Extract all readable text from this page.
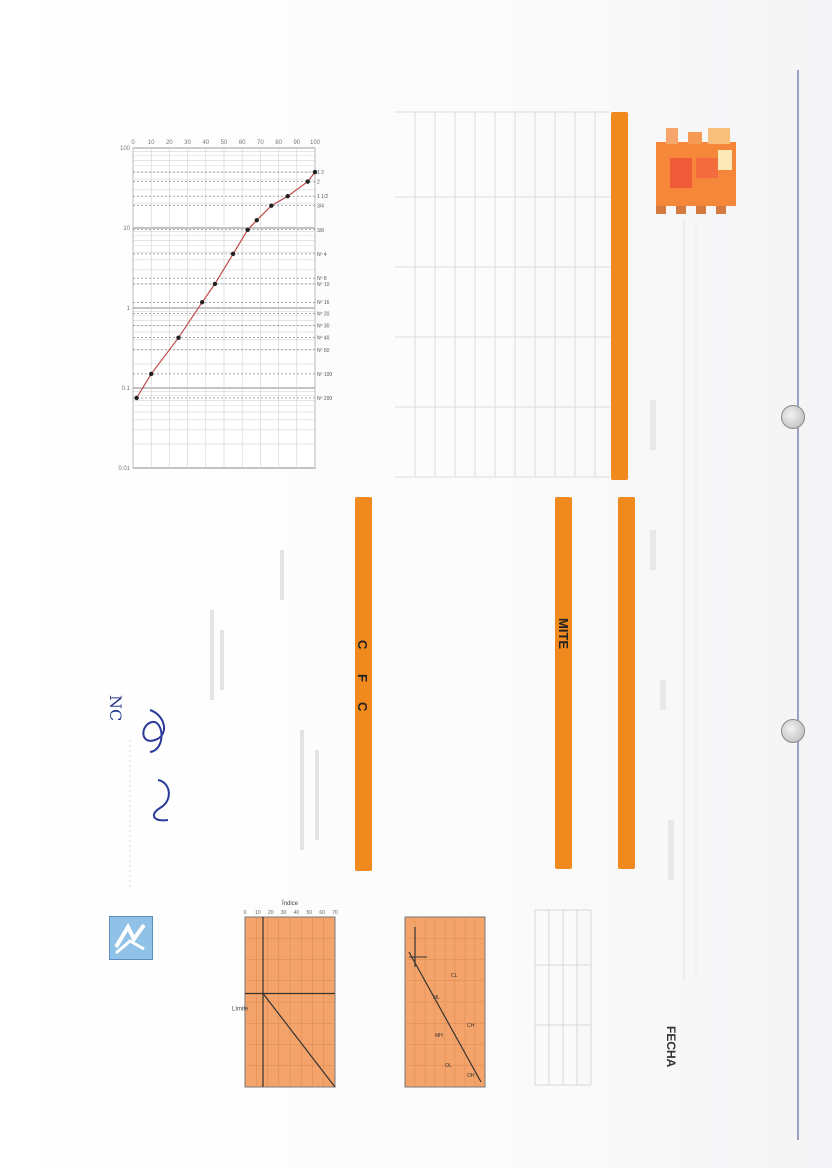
MITE
C
F
C
FECHA
100
90
80
70
60
50
40
30
20
10
0
100
10
1
0.1
0.01
1 2
2
1 1/2
3/4
3/8
Nº 4
Nº 8
Nº 10
Nº 16
Nº 20
Nº 30
Nº 40
Nº 50
Nº 100
Nº 200
Índice
Límite
0 10 20 30 40 50 60 70
CL
CH
ML
MH
OL
OH
NC
